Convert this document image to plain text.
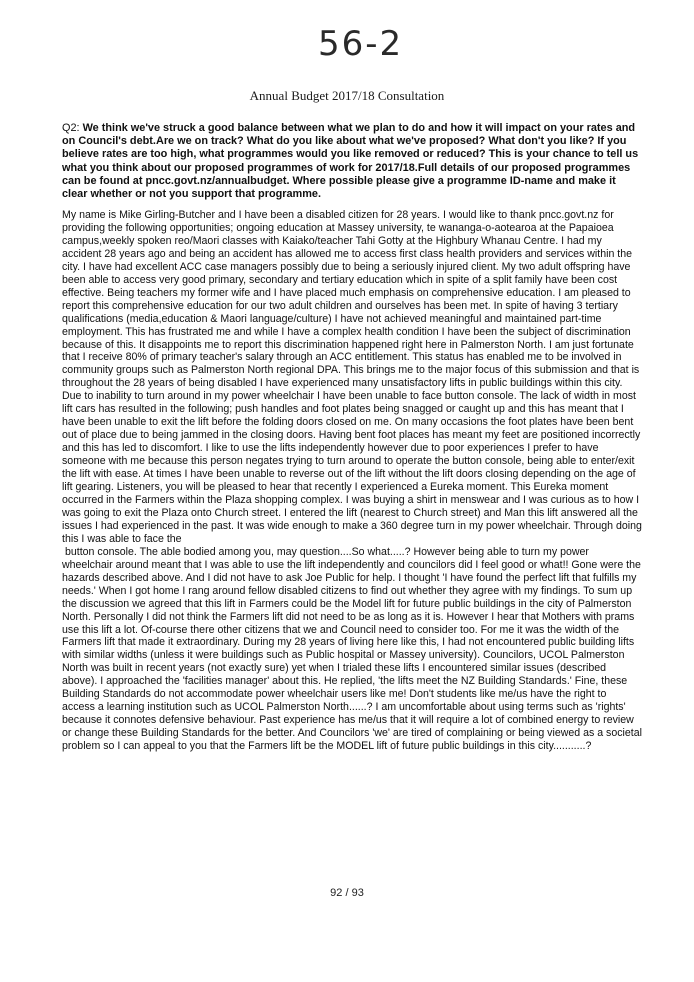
56-2
Annual Budget 2017/18 Consultation

Q2: We think we've struck a good balance between what we plan to do and how it will impact on your rates and on Council's debt.Are we on track? What do you like about what we've proposed? What don't you like? If you believe rates are too high, what programmes would you like removed or reduced? This is your chance to tell us what you think about our proposed programmes of work for 2017/18.Full details of our proposed programmes can be found at pncc.govt.nz/annualbudget. Where possible please give a programme ID-name and make it clear whether or not you support that programme.

My name is Mike Girling-Butcher and I have been a disabled citizen for 28 years. I would like to thank pncc.govt.nz for providing the following opportunities; ongoing education at Massey university, te wananga-o-aotearoa at the Papaioea campus,weekly spoken reo/Maori classes with Kaiako/teacher Tahi Gotty at the Highbury Whanau Centre. I had my accident 28 years ago and being an accident has allowed me to access first class health providers and services within the city. I have had excellent ACC case managers possibly due to being a seriously injured client. My two adult offspring have been able to access very good primary, secondary and tertiary education which in spite of a split family have been cost effective. Being teachers my former wife and I have placed much emphasis on comprehensive education. I am pleased to report this comprehensive education for our two adult children and ourselves has been met. In spite of having 3 tertiary qualifications (media,education & Maori language/culture) I have not achieved meaningful and maintained part-time employment. This has frustrated me and while I have a complex health condition I have been the subject of discrimination because of this. It disappoints me to report this discrimination happened right here in Palmerston North. I am just fortunate that I receive 80% of primary teacher's salary through an ACC entitlement. This status has enabled me to be involved in community groups such as Palmerston North regional DPA. This brings me to the major focus of this submission and that is throughout the 28 years of being disabled I have experienced many unsatisfactory lifts in public buildings within this city. Due to inability to turn around in my power wheelchair I have been unable to face button console. The lack of width in most lift cars has resulted in the following; push handles and foot plates being snagged or caught up and this has meant that I have been unable to exit the lift before the folding doors closed on me. On many occasions the foot plates have been bent out of place due to being jammed in the closing doors. Having bent foot places has meant my feet are positioned incorrectly and this has led to discomfort. I like to use the lifts independently however due to poor experiences I prefer to have someone with me because this person negates trying to turn around to operate the button console, being able to enter/exit the lift with ease. At times I have been unable to reverse out of the lift without the lift doors closing depending on the age of lift gearing. Listeners, you will be pleased to hear that recently I experienced a Eureka moment. This Eureka moment occurred in the Farmers within the Plaza shopping complex. I was buying a shirt in menswear and I was curious as to how I was going to exit the Plaza onto Church street. I entered the lift (nearest to Church street) and Man this lift answered all the issues I had experienced in the past. It was wide enough to make a 360 degree turn in my power wheelchair. Through doing this I was able to face the
button console. The able bodied among you, may question....So what.....? However being able to turn my power wheelchair around meant that I was able to use the lift independently and councilors did I feel good or what!! Gone were the hazards described above. And I did not have to ask Joe Public for help. I thought 'I have found the perfect lift that fulfills my needs.' When I got home I rang around fellow disabled citizens to find out whether they agree with my findings. To sum up the discussion we agreed that this lift in Farmers could be the Model lift for future public buildings in the city of Palmerston North. Personally I did not think the Farmers lift did not need to be as long as it is. However I hear that Mothers with prams use this lift a lot. Of-course there other citizens that we and Council need to consider too. For me it was the width of the Farmers lift that made it extraordinary. During my 28 years of living here like this, I had not encountered public building lifts with similar widths (unless it were buildings such as Public hospital or Massey university). Councilors, UCOL Palmerston North was built in recent years (not exactly sure) yet when I trialed these lifts I encountered similar issues (described above). I approached the 'facilities manager' about this. He replied, 'the lifts meet the NZ Building Standards.' Fine, these Building Standards do not accommodate power wheelchair users like me! Don't students like me/us have the right to access a learning institution such as UCOL Palmerston North......? I am uncomfortable about using terms such as 'rights' because it connotes defensive behaviour. Past experience has me/us that it will require a lot of combined energy to review or change these Building Standards for the better. And Councilors 'we' are tired of complaining or being viewed as a societal problem so I can appeal to you that the Farmers lift be the MODEL lift of future public buildings in this city...........?
92 / 93
